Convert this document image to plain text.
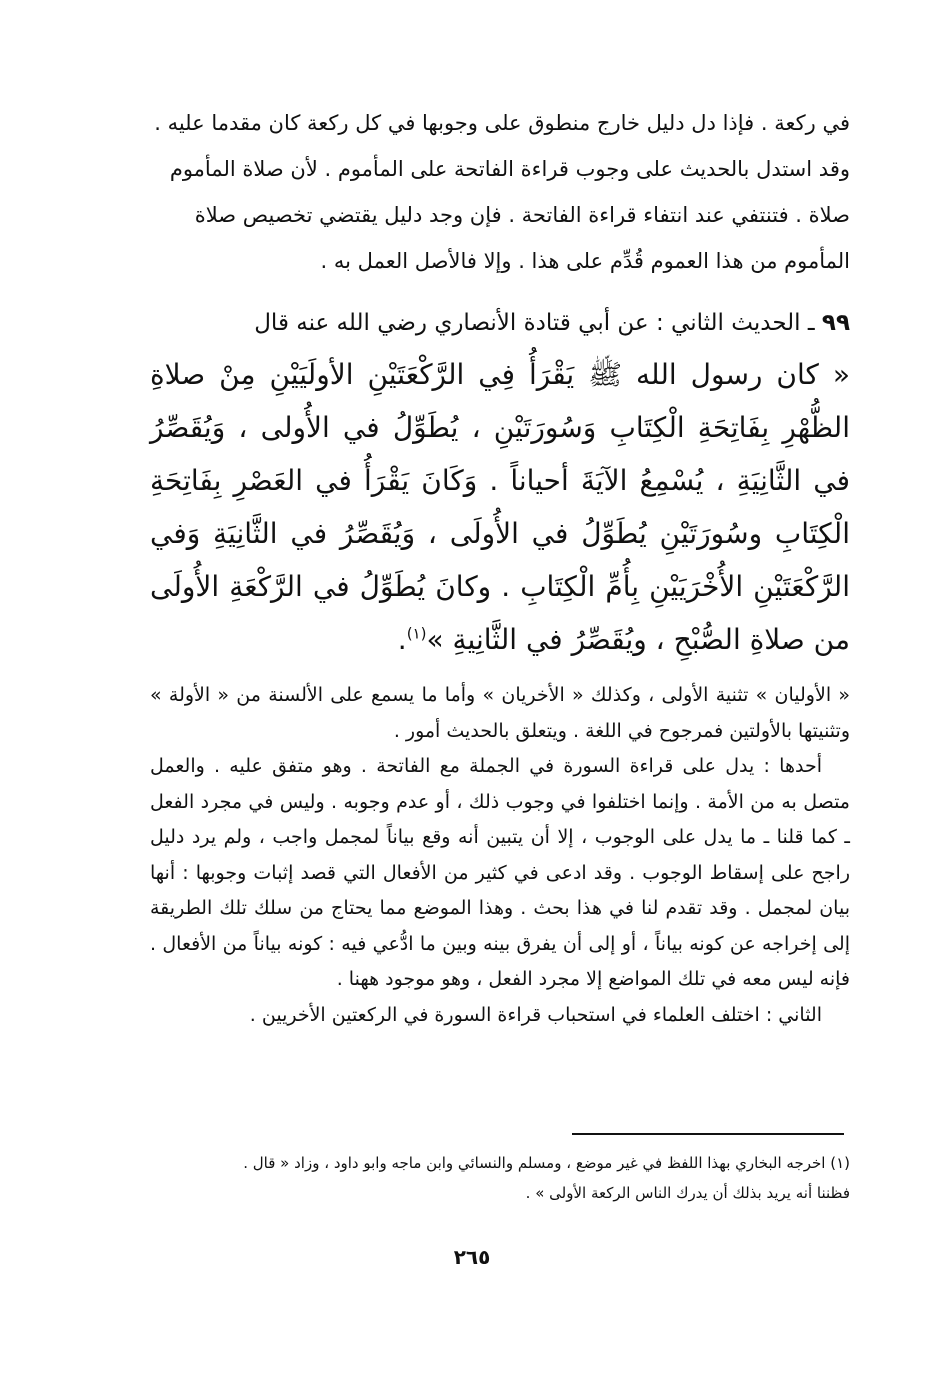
في ركعة . فإذا دل دليل خارج منطوق على وجوبها في كل ركعة كان مقدما عليه .

وقد استدل بالحديث على وجوب قراءة الفاتحة على المأموم . لأن صلاة المأموم

صلاة . فتنتفي عند انتفاء قراءة الفاتحة . فإن وجد دليل يقتضي تخصيص صلاة

المأموم من هذا العموم قُدِّم على هذا . وإلا فالأصل العمل به .

٩٩ ـ الحديث الثاني : عن أبي قتادة الأنصاري رضي الله عنه قال

« كان رسول الله ﷺ يَقْرَأُ فِي الرَّكْعَتَيْنِ الأولَيَيْنِ مِنْ صلاةِ الظُّهْرِ بِفَاتِحَةِ الْكِتَابِ وَسُورَتَيْنِ ، يُطَوِّلُ في الأُولى ، وَيُقَصِّرُ في الثَّانِيَةِ ، يُسْمِعُ الآيَةَ أحياناً . وَكَانَ يَقْرَأُ في العَصْرِ بِفَاتِحَةِ الْكِتَابِ وسُورَتَيْنِ يُطَوِّلُ في الأُولَى ، وَيُقَصِّرُ في الثَّانِيَةِ وَفي الرَّكْعَتَيْنِ الأُخْرَيَيْنِ بِأُمِّ الْكِتَابِ . وكانَ يُطَوِّلُ في الرَّكْعَةِ الأُولَى من صلاةِ الصُّبْحِ ، ويُقَصِّرُ في الثَّانِيةِ »$^{(١)}$.

« الأوليان » تثنية الأولى ، وكذلك « الأخريان » وأما ما يسمع على الألسنة من « الأولة » وتثنيتها بالأولتين فمرجوح في اللغة . ويتعلق بالحديث أمور .

أحدها : يدل على قراءة السورة في الجملة مع الفاتحة . وهو متفق عليه . والعمل متصل به من الأمة . وإنما اختلفوا في وجوب ذلك ، أو عدم وجوبه . وليس في مجرد الفعل ـ كما قلنا ـ ما يدل على الوجوب ، إلا أن يتبين أنه وقع بياناً لمجمل واجب ، ولم يرد دليل راجح على إسقاط الوجوب . وقد ادعى في كثير من الأفعال التي قصد إثبات وجوبها : أنها بيان لمجمل . وقد تقدم لنا في هذا بحث . وهذا الموضع مما يحتاج من سلك تلك الطريقة إلى إخراجه عن كونه بياناً ، أو إلى أن يفرق بينه وبين ما ادُّعي فيه : كونه بياناً من الأفعال . فإنه ليس معه في تلك المواضع إلا مجرد الفعل ، وهو موجود ههنا .

الثاني : اختلف العلماء في استحباب قراءة السورة في الركعتين الأخريين .

(١) اخرجه البخاري بهذا اللفظ في غير موضع ، ومسلم والنسائي وابن ماجه وابو داود ، وزاد « قال .
فظننا أنه يريد بذلك أن يدرك الناس الركعة الأولى » .
٢٦٥
